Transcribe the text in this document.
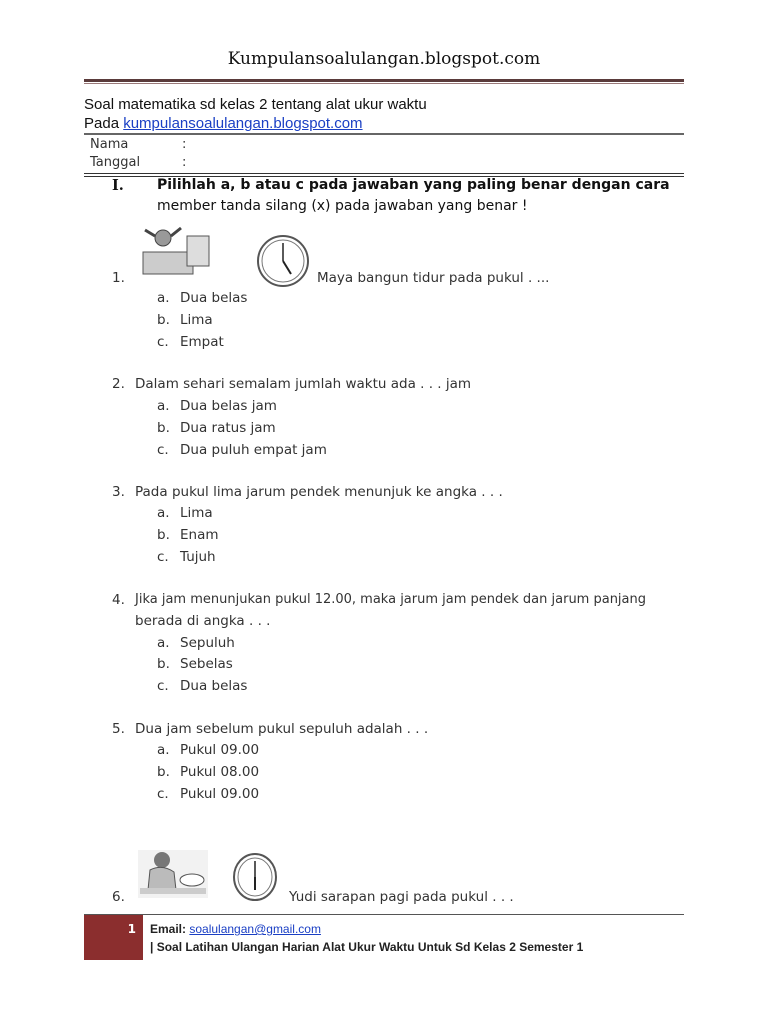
Kumpulansoalulangan.blogspot.com
Soal matematika sd kelas 2 tentang alat ukur waktu
Pada kumpulansoalulangan.blogspot.com
Nama	:
Tanggal	:
I. Pilihlah a, b atau c pada jawaban yang paling benar dengan cara
member tanda silang (x) pada jawaban yang benar !
1.	Maya bangun tidur pada pukul . ...
a. Dua belas
b. Lima
c. Empat
2. Dalam sehari semalam jumlah waktu ada . . . jam
a. Dua belas jam
b. Dua ratus jam
c. Dua puluh empat jam
3. Pada pukul lima jarum pendek menunjuk ke angka . . .
a. Lima
b. Enam
c. Tujuh
4. Jika jam menunjukan pukul 12.00, maka jarum jam pendek dan jarum panjang
berada di angka . . .
a. Sepuluh
b. Sebelas
c. Dua belas
5. Dua jam sebelum pukul sepuluh adalah . . .
a. Pukul 09.00
b. Pukul 08.00
c. Pukul 09.00
6.	Yudi sarapan pagi pada pukul . . .
1 Email: soalulangan@gmail.com
| Soal Latihan Ulangan Harian Alat Ukur Waktu Untuk Sd Kelas 2 Semester 1
